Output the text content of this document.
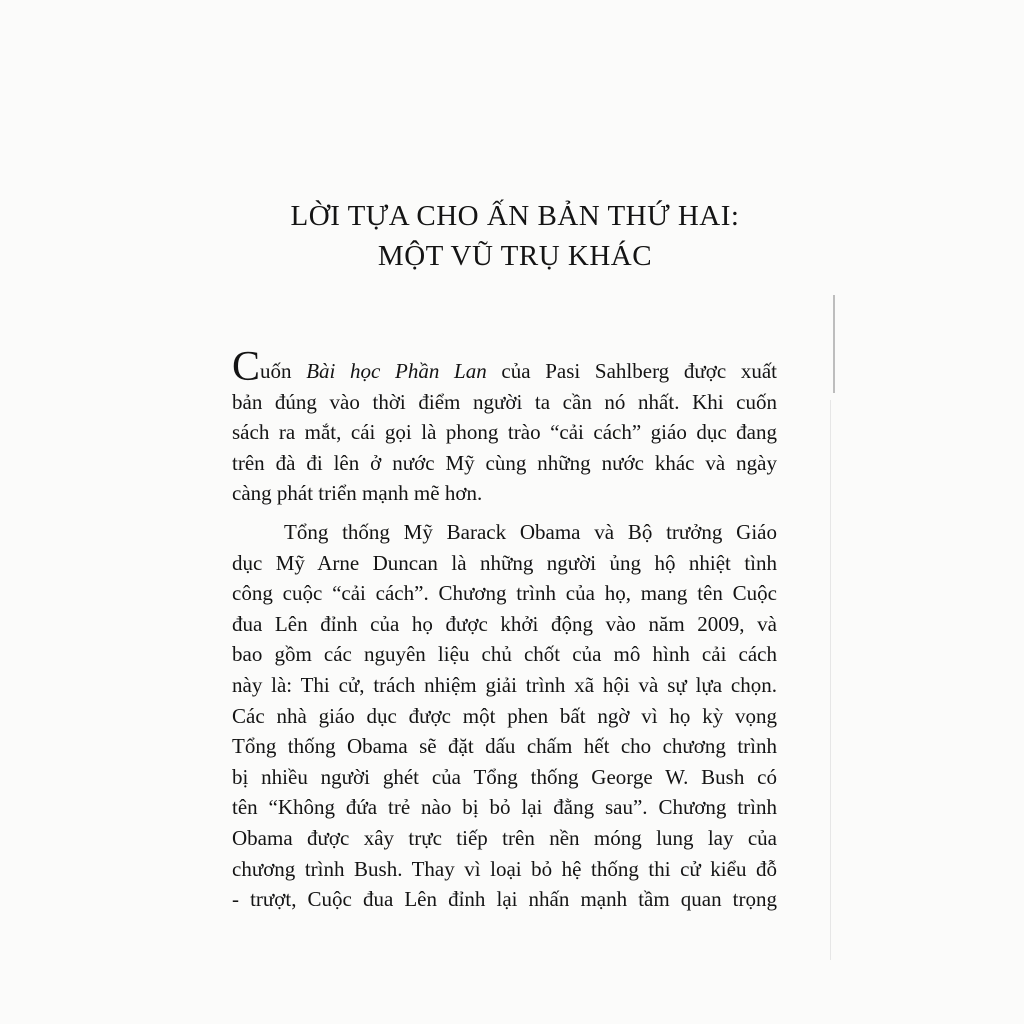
LỜI TỰA CHO ẤN BẢN THỨ HAI:
MỘT VŨ TRỤ KHÁC

Cuốn Bài học Phần Lan của Pasi Sahlberg được xuất
bản đúng vào thời điểm người ta cần nó nhất. Khi cuốn
sách ra mắt, cái gọi là phong trào “cải cách” giáo dục đang
trên đà đi lên ở nước Mỹ cùng những nước khác và ngày
càng phát triển mạnh mẽ hơn.

Tổng thống Mỹ Barack Obama và Bộ trưởng Giáo
dục Mỹ Arne Duncan là những người ủng hộ nhiệt tình
công cuộc “cải cách”. Chương trình của họ, mang tên Cuộc
đua Lên đỉnh của họ được khởi động vào năm 2009, và
bao gồm các nguyên liệu chủ chốt của mô hình cải cách
này là: Thi cử, trách nhiệm giải trình xã hội và sự lựa chọn.
Các nhà giáo dục được một phen bất ngờ vì họ kỳ vọng
Tổng thống Obama sẽ đặt dấu chấm hết cho chương trình
bị nhiều người ghét của Tổng thống George W. Bush có
tên “Không đứa trẻ nào bị bỏ lại đằng sau”. Chương trình
Obama được xây trực tiếp trên nền móng lung lay của
chương trình Bush. Thay vì loại bỏ hệ thống thi cử kiểu đỗ
- trượt, Cuộc đua Lên đỉnh lại nhấn mạnh tầm quan trọng
